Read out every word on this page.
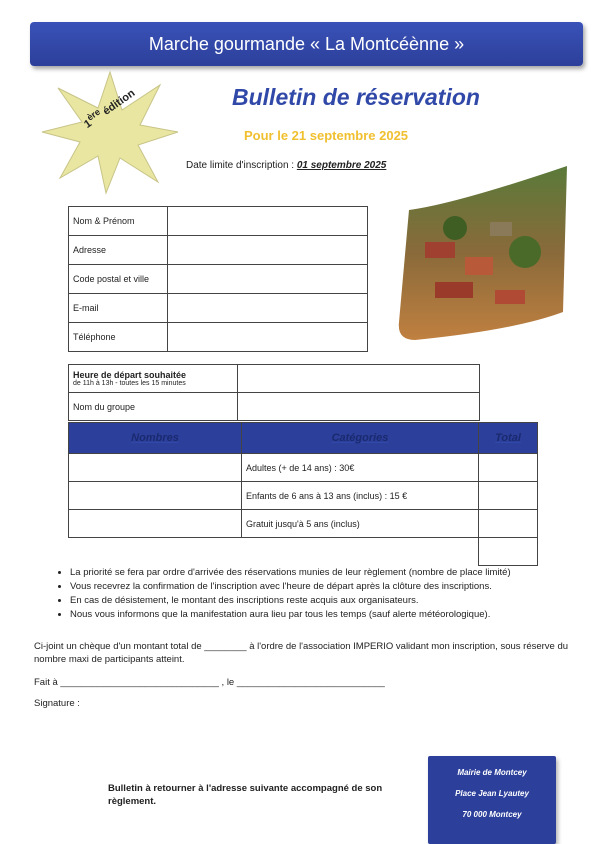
Marche gourmande « La Montcéènne »
1ère édition	Bulletin de réservation
Pour le 21 septembre 2025
Date limite d'inscription : 01 septembre 2025
Nom & Prénom	
Adresse	
Code postal et ville	
E-mail	
Téléphone	
Heure de départ souhaitée
de 11h à 13h - toutes les 15 minutes	

Nom du groupe	
Nombres	Catégories	Total
	Adultes (+ de 14 ans) : 30€	
	Enfants de 6 ans à 13 ans (inclus) : 15 €	
	Gratuit jusqu'à 5 ans (inclus)	

• La priorité se fera par ordre d'arrivée des réservations munies de leur règlement (nombre de place limité)
• Vous recevrez la confirmation de l'inscription avec l'heure de départ après la clôture des inscriptions.
• En cas de désistement, le montant des inscriptions reste acquis aux organisateurs.
• Nous vous informons que la manifestation aura lieu par tous les temps (sauf alerte météorologique).
Ci-joint un chèque d'un montant total de ________ à l'ordre de l'association IMPERIO validant mon inscription, sous réserve du nombre maxi de participants atteint.
Fait à ______________________________ , le ____________________________
Signature :
Bulletin à retourner à l'adresse suivante accompagné de son règlement.
Mairie de Montcey
Place Jean Lyautey
70 000 Montcey
